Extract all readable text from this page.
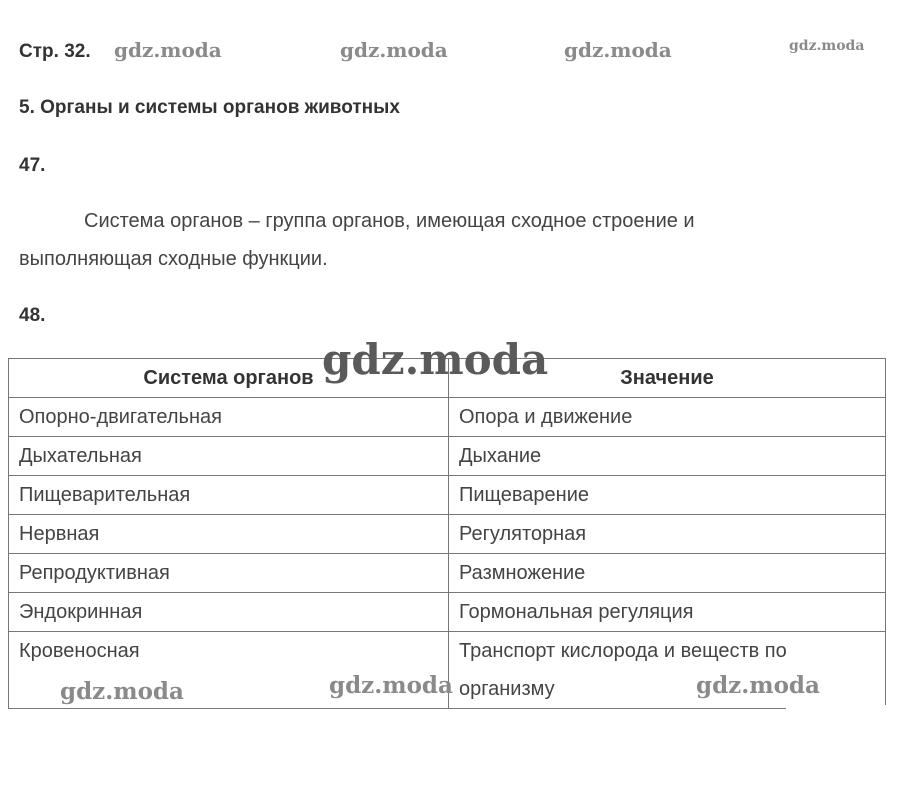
Стр. 32.
5. Органы и системы органов животных
47.
Система органов – группа органов, имеющая сходное строение и
выполняющая сходные функции.
48.
Система органов	Значение
Опорно-двигательная	Опора и движение
Дыхательная	Дыхание
Пищеварительная	Пищеварение
Нервная	Регуляторная
Репродуктивная	Размножение
Эндокринная	Гормональная регуляция
Кровеносная	Транспорт кислорода и веществ по организму
gdz.moda	gdz.moda	gdz.moda	gdz.moda
gdz.moda
gdz.moda	gdz.moda	gdz.moda
